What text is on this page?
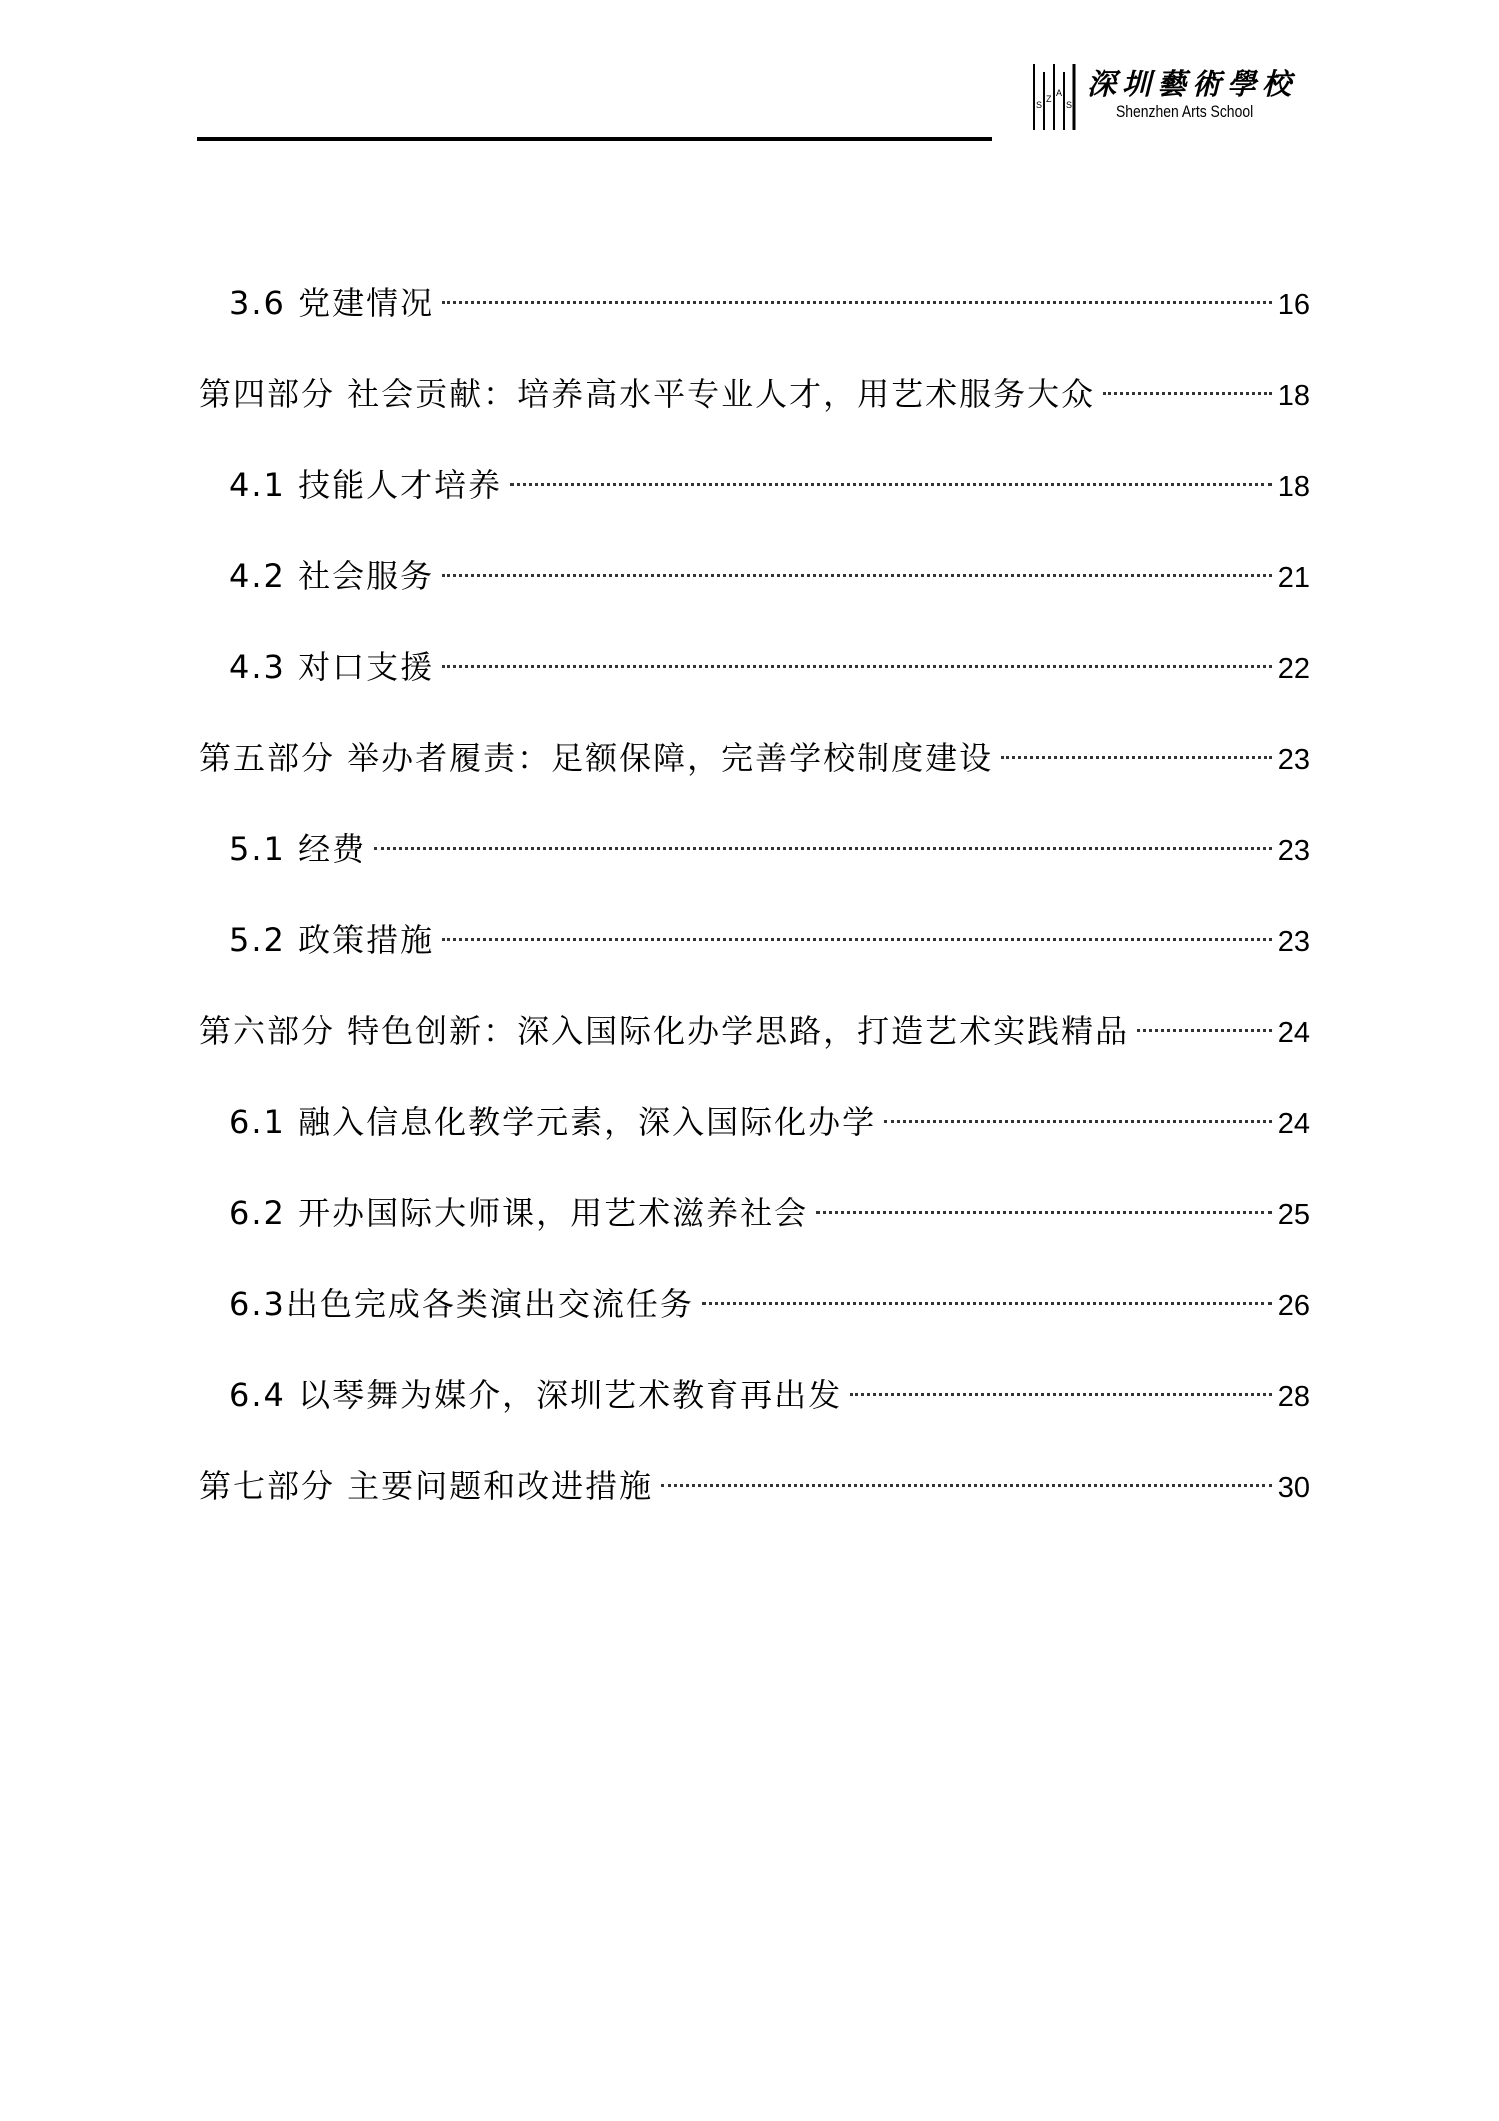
S
Z
A
S
深圳藝術學校
Shenzhen Arts School
3.6 党建情况	16
第四部分 社会贡献：培养高水平专业人才，用艺术服务大众	18
4.1 技能人才培养	18
4.2 社会服务	21
4.3 对口支援	22
第五部分 举办者履责：足额保障，完善学校制度建设	23
5.1 经费	23
5.2 政策措施	23
第六部分 特色创新：深入国际化办学思路，打造艺术实践精品	24
6.1 融入信息化教学元素，深入国际化办学	24
6.2 开办国际大师课，用艺术滋养社会	25
6.3 出色完成各类演出交流任务	26
6.4 以琴舞为媒介，深圳艺术教育再出发	28
第七部分 主要问题和改进措施	30
